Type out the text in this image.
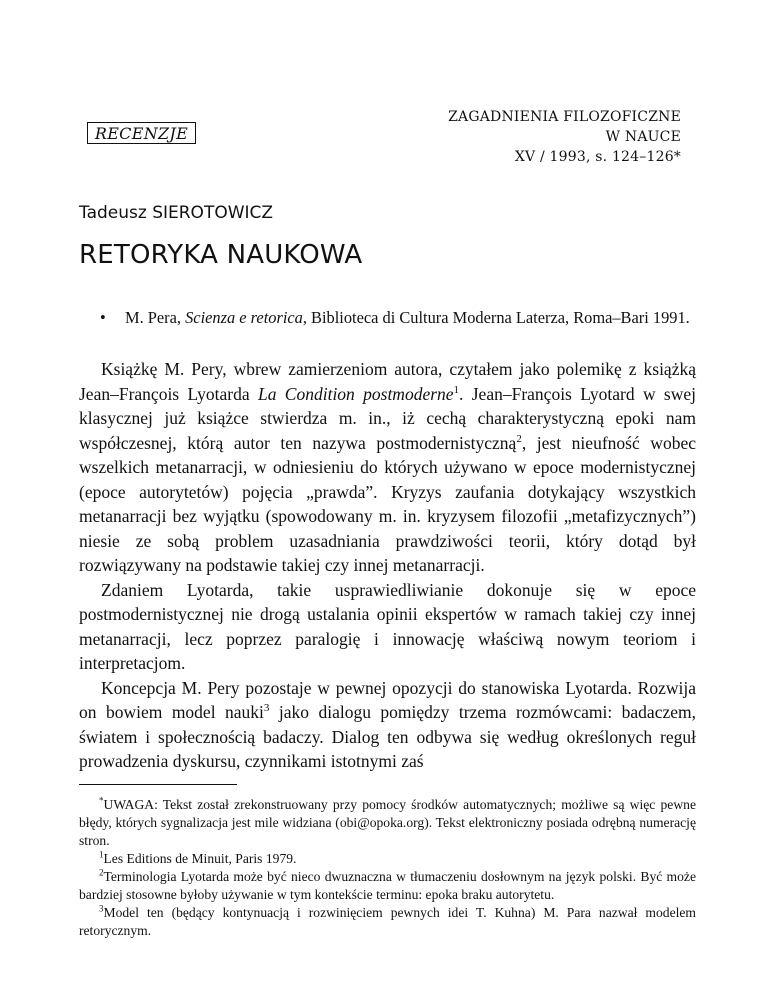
RECENZJE
ZAGADNIENIA FILOZOFICZNE
W NAUCE
XV / 1993, s. 124–126*
Tadeusz SIEROTOWICZ
RETORYKA NAUKOWA
• M. Pera, Scienza e retorica, Biblioteca di Cultura Moderna Laterza, Roma–Bari 1991.

Książkę M. Pery, wbrew zamierzeniom autora, czytałem jako polemikę z książką Jean–François Lyotarda La Condition postmoderne$^1$. Jean–François Lyotard w swej klasycznej już książce stwierdza m. in., iż cechą charakterystyczną epoki nam współczesnej, którą autor ten nazywa postmodernistyczną$^2$, jest nieufność wobec wszelkich metanarracji, w odniesieniu do których używano w epoce modernistycznej (epoce autorytetów) pojęcia „prawda”. Kryzys zaufania dotykający wszystkich metanarracji bez wyjątku (spowodowany m. in. kryzysem filozofii „metafizycznych”) niesie ze sobą problem uzasadniania prawdziwości teorii, który dotąd był rozwiązywany na podstawie takiej czy innej metanarracji.

Zdaniem Lyotarda, takie usprawiedliwianie dokonuje się w epoce postmodernistycznej nie drogą ustalania opinii ekspertów w ramach takiej czy innej metanarracji, lecz poprzez paralogię i innowację właściwą nowym teoriom i interpretacjom.

Koncepcja M. Pery pozostaje w pewnej opozycji do stanowiska Lyotarda. Rozwija on bowiem model nauki$^3$ jako dialogu pomiędzy trzema rozmówcami: badaczem, światem i społecznością badaczy. Dialog ten odbywa się według określonych reguł prowadzenia dyskursu, czynnikami istotnymi zaś

*UWAGA: Tekst został zrekonstruowany przy pomocy środków automatycznych; możliwe są więc pewne błędy, których sygnalizacja jest mile widziana (obi@opoka.org). Tekst elektroniczny posiada odrębną numerację stron.

$^1$Les Editions de Minuit, Paris 1979.

$^2$Terminologia Lyotarda może być nieco dwuznaczna w tłumaczeniu dosłownym na język polski. Być może bardziej stosowne byłoby używanie w tym kontekście terminu: epoka braku autorytetu.

$^3$Model ten (będący kontynuacją i rozwinięciem pewnych idei T. Kuhna) M. Para nazwał modelem retorycznym.
